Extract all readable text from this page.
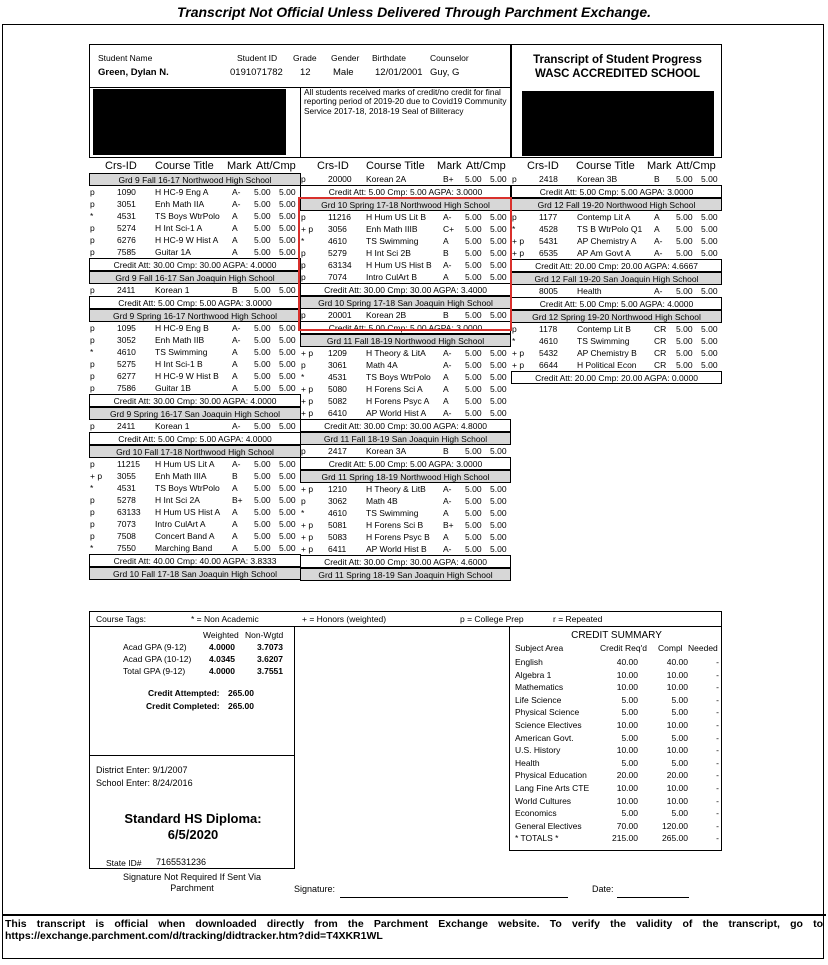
Transcript Not Official Unless Delivered Through Parchment Exchange.
Student Name	Student ID Grade Gender Birthdate	Counselor
Green, Dylan N.	0191071782 12 Male 12/01/2001 Guy, G
All students received marks of credit/no credit for final reporting period of 2019-20 due to Covid19 Community Service 2017-18, 2018-19 Seal of Biliteracy
Transcript of Student Progress
WASC ACCREDITED SCHOOL
Crs-ID Course Title Mark Att/Cmp Crs-ID Course Title Mark Att/Cmp Crs-ID Course Title Mark Att/Cmp
Grd 9 Fall 16-17 Northwood High School
p	1090 H HC-9 Eng A	A- 5.00 5.00
p	3051 Enh Math IIA	A- 5.00 5.00
*	4531 TS Boys WtrPolo A 5.00 5.00
p	5274 H Int Sci-1 A	A 5.00 5.00
p	6276 H HC-9 W Hist A A 5.00 5.00
p	7585 Guitar 1A	A 5.00 5.00
Credit Att: 30.00 Cmp: 30.00 AGPA: 4.0000
Grd 9 Fall 16-17 San Joaquin High School
p	2411 Korean 1	B 5.00 5.00
Credit Att: 5.00 Cmp: 5.00 AGPA: 3.0000
Grd 9 Spring 16-17 Northwood High School
p	1095 H HC-9 Eng B	A- 5.00 5.00
p	3052 Enh Math IIB	A- 5.00 5.00
*	4610 TS Swimming	A 5.00 5.00
p	5275 H Int Sci-1 B	A 5.00 5.00
p	6277 H HC-9 W Hist B A 5.00 5.00
p	7586 Guitar 1B	A 5.00 5.00
Credit Att: 30.00 Cmp: 30.00 AGPA: 4.0000
Grd 9 Spring 16-17 San Joaquin High School
p	2411 Korean 1	A- 5.00 5.00
Credit Att: 5.00 Cmp: 5.00 AGPA: 4.0000
Grd 10 Fall 17-18 Northwood High School
p	11215 H Hum US Lit A A- 5.00 5.00
+ p 3055 Enh Math IIIA	B 5.00 5.00
*	4531 TS Boys WtrPolo A 5.00 5.00
p	5278 H Int Sci 2A	B+ 5.00 5.00
p	63133 H Hum US Hist A A 5.00 5.00
p	7073 Intro CulArt A	A 5.00 5.00
p	7508 Concert Band A A 5.00 5.00
*	7550 Marching Band A 5.00 5.00
Credit Att: 40.00 Cmp: 40.00 AGPA: 3.8333
Grd 10 Fall 17-18 San Joaquin High School
p	20000 Korean 2A	B+ 5.00 5.00
Credit Att: 5.00 Cmp: 5.00 AGPA: 3.0000
Grd 10 Spring 17-18 Northwood High School
p	11216 H Hum US Lit B A- 5.00 5.00
+ p 3056 Enh Math IIIB	C+ 5.00 5.00
*	4610 TS Swimming	A 5.00 5.00
p	5279 H Int Sci 2B	B 5.00 5.00
p	63134 H Hum US Hist B A- 5.00 5.00
p	7074 Intro CulArt B	A 5.00 5.00
Credit Att: 30.00 Cmp: 30.00 AGPA: 3.4000
Grd 10 Spring 17-18 San Joaquin High School
p	20001 Korean 2B	B 5.00 5.00
Credit Att: 5.00 Cmp: 5.00 AGPA: 3.0000
Grd 11 Fall 18-19 Northwood High School
+ p 1209 H Theory & LitA A- 5.00 5.00
p	3061 Math 4A	A- 5.00 5.00
*	4531 TS Boys WtrPolo A 5.00 5.00
+ p 5080 H Forens Sci A A 5.00 5.00
+ p 5082 H Forens Psyc A A 5.00 5.00
+ p 6410 AP World Hist A A- 5.00 5.00
Credit Att: 30.00 Cmp: 30.00 AGPA: 4.8000
Grd 11 Fall 18-19 San Joaquin High School
p	2417 Korean 3A	B 5.00 5.00
Credit Att: 5.00 Cmp: 5.00 AGPA: 3.0000
Grd 11 Spring 18-19 Northwood High School
+ p 1210 H Theory & LitB A- 5.00 5.00
p	3062 Math 4B	A- 5.00 5.00
*	4610 TS Swimming	A 5.00 5.00
+ p 5081 H Forens Sci B B+ 5.00 5.00
+ p 5083 H Forens Psyc B A 5.00 5.00
+ p 6411 AP World Hist B A- 5.00 5.00
Credit Att: 30.00 Cmp: 30.00 AGPA: 4.6000
Grd 11 Spring 18-19 San Joaquin High School
p	2418 Korean 3B	B 5.00 5.00
Credit Att: 5.00 Cmp: 5.00 AGPA: 3.0000
Grd 12 Fall 19-20 Northwood High School
p	1177 Contemp Lit A	A 5.00 5.00
*	4528 TS B WtrPolo Q1 A 5.00 5.00
+ p 5431 AP Chemistry A A- 5.00 5.00
+ p 6535 AP Am Govt A	A- 5.00 5.00
Credit Att: 20.00 Cmp: 20.00 AGPA: 4.6667
Grd 12 Fall 19-20 San Joaquin High School
8005 Health	A- 5.00 5.00
Credit Att: 5.00 Cmp: 5.00 AGPA: 4.0000
Grd 12 Spring 19-20 Northwood High School
p	1178 Contemp Lit B	CR 5.00 5.00
*	4610 TS Swimming	CR 5.00 5.00
+ p 5432 AP Chemistry B CR 5.00 5.00
+ p 6644 H Political Econ CR 5.00 5.00
Credit Att: 20.00 Cmp: 20.00 AGPA: 0.0000
Course Tags:	* = Non Academic	+ = Honors (weighted)	p = College Prep	r = Repeated
Weighted Non-Wgtd
Acad GPA (9-12)	4.0000	3.7073
Acad GPA (10-12) 4.0345	3.6207
Total GPA (9-12)	4.0000	3.7551
Credit Attempted: 265.00
Credit Completed: 265.00
District Enter: 9/1/2007
School Enter: 8/24/2016
Standard HS Diploma:
6/5/2020
State ID# 7165531236
CREDIT SUMMARY
Subject Area	Credit Req'd Compl Needed
English	40.00	40.00	-
Algebra 1	10.00	10.00	-
Mathematics	10.00	10.00	-
Life Science	5.00	5.00	-
Physical Science	5.00	5.00	-
Science Electives	10.00	10.00	-
American Govt.	5.00	5.00	-
U.S. History	10.00	10.00	-
Health	5.00	5.00	-
Physical Education	20.00	20.00	-
Lang Fine Arts CTE	10.00	10.00	-
World Cultures	10.00	10.00	-
Economics	5.00	5.00	-
General Electives	70.00	120.00	-
* TOTALS *	215.00	265.00	-
Signature Not Required If Sent Via
Parchment	Signature:	Date:
This transcript is official when downloaded directly from the Parchment Exchange website. To verify the validity of the transcript, go to https://exchange.parchment.com/d/tracking/didtracker.htm?did=T4XKR1WL
